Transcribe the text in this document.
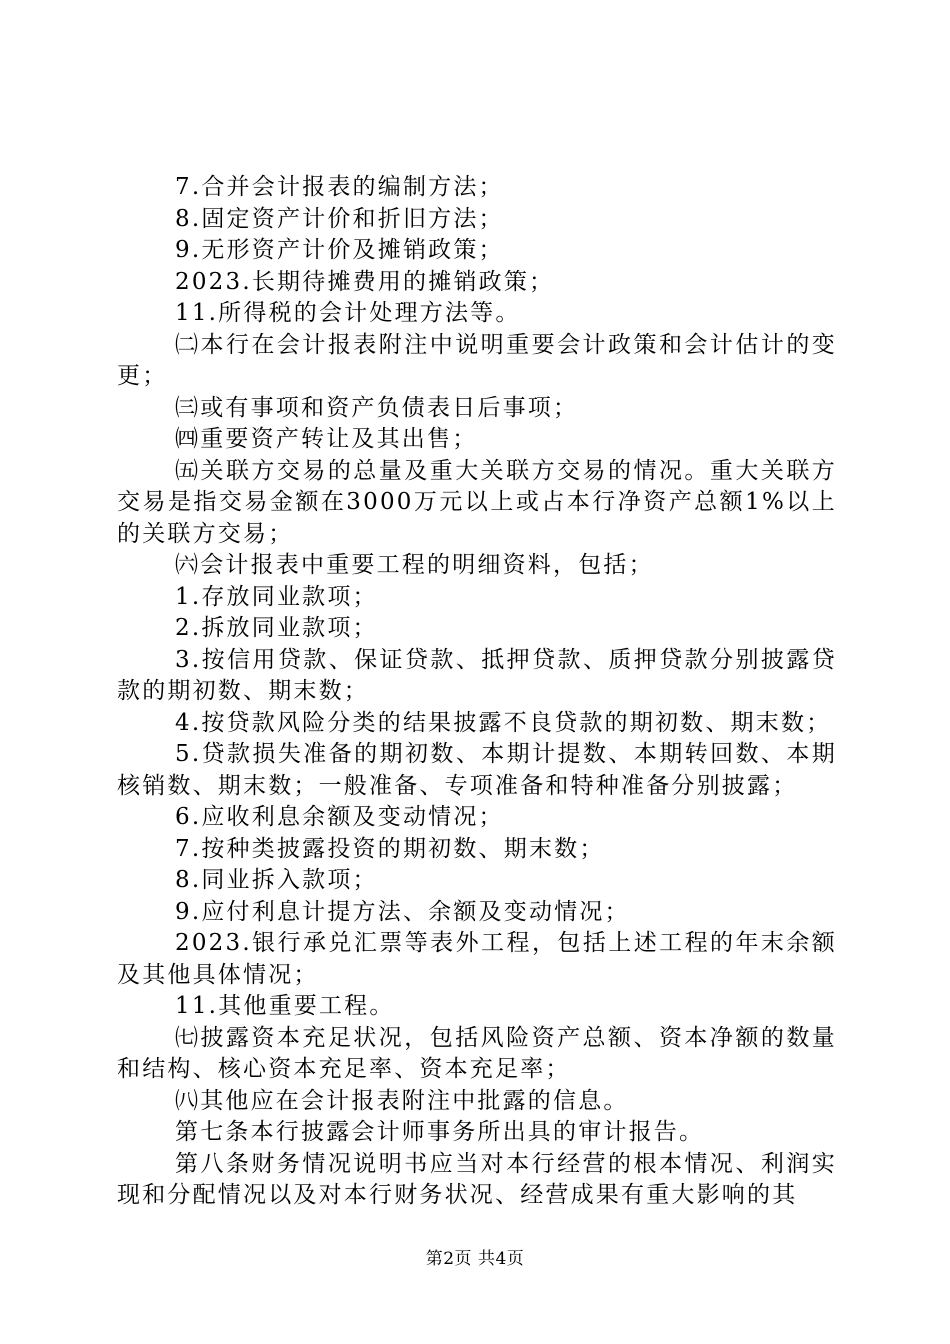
7.合并会计报表的编制方法；

8.固定资产计价和折旧方法；

9.无形资产计价及摊销政策；

2023.长期待摊费用的摊销政策；

11.所得税的会计处理方法等。

㈡本行在会计报表附注中说明重要会计政策和会计估计的变更；

㈢或有事项和资产负债表日后事项；

㈣重要资产转让及其出售；

㈤关联方交易的总量及重大关联方交易的情况。重大关联方交易是指交易金额在3000万元以上或占本行净资产总额1%以上的关联方交易；

㈥会计报表中重要工程的明细资料，包括；

1.存放同业款项；

2.拆放同业款项；

3.按信用贷款、保证贷款、抵押贷款、质押贷款分别披露贷款的期初数、期末数；

4.按贷款风险分类的结果披露不良贷款的期初数、期末数；

5.贷款损失准备的期初数、本期计提数、本期转回数、本期核销数、期末数；一般准备、专项准备和特种准备分别披露；

6.应收利息余额及变动情况；

7.按种类披露投资的期初数、期末数；

8.同业拆入款项；

9.应付利息计提方法、余额及变动情况；

2023.银行承兑汇票等表外工程，包括上述工程的年末余额及其他具体情况；

11.其他重要工程。

㈦披露资本充足状况，包括风险资产总额、资本净额的数量和结构、核心资本充足率、资本充足率；

㈧其他应在会计报表附注中批露的信息。

第七条本行披露会计师事务所出具的审计报告。

第八条财务情况说明书应当对本行经营的根本情况、利润实现和分配情况以及对本行财务状况、经营成果有重大影响的其

第2页 共4页
